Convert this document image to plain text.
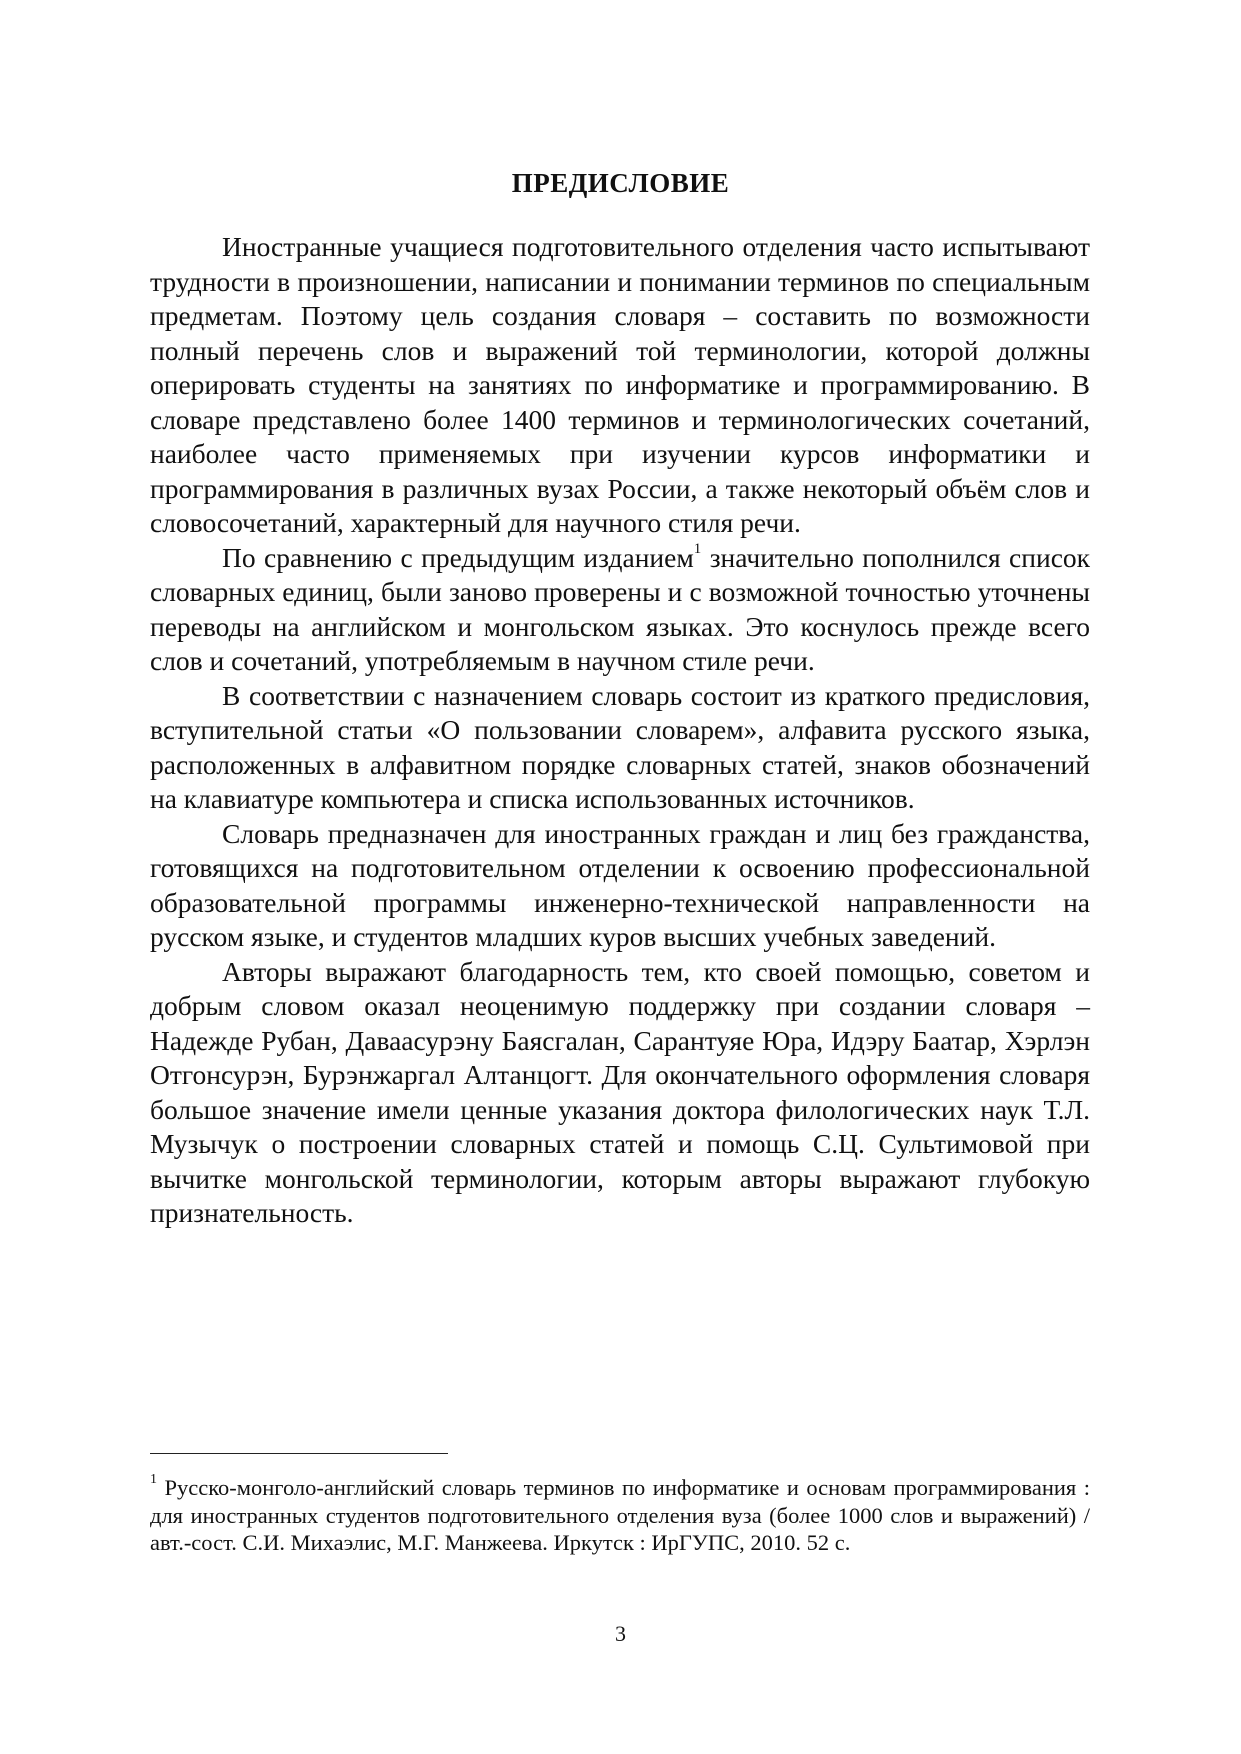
ПРЕДИСЛОВИЕ

Иностранные учащиеся подготовительного отделения часто испытывают трудности в произношении, написании и понимании терминов по специальным предметам. Поэтому цель создания словаря – составить по возможности полный перечень слов и выражений той терминологии, которой должны оперировать студенты на занятиях по информатике и программированию. В словаре представлено более 1400 терминов и терминологических сочетаний, наиболее часто применяемых при изучении курсов информатики и программирования в различных вузах России, а также некоторый объём слов и словосочетаний, характерный для научного стиля речи.

По сравнению с предыдущим изданием$^1$ значительно пополнился список словарных единиц, были заново проверены и с возможной точностью уточнены переводы на английском и монгольском языках. Это коснулось прежде всего слов и сочетаний, употребляемым в научном стиле речи.

В соответствии с назначением словарь состоит из краткого предисловия, вступительной статьи «О пользовании словарем», алфавита русского языка, расположенных в алфавитном порядке словарных статей, знаков обозначений на клавиатуре компьютера и списка использованных источников.

Словарь предназначен для иностранных граждан и лиц без гражданства, готовящихся на подготовительном отделении к освоению профессиональной образовательной программы инженерно-технической направленности на русском языке, и студентов младших куров высших учебных заведений.

Авторы выражают благодарность тем, кто своей помощью, советом и добрым словом оказал неоценимую поддержку при создании словаря – Надежде Рубан, Даваасурэну Баясгалан, Сарантуяе Юра, Идэру Баатар, Хэрлэн Отгонсурэн, Бурэнжаргал Алтанцогт. Для окончательного оформления словаря большое значение имели ценные указания доктора филологических наук Т.Л. Музычук о построении словарных статей и помощь С.Ц. Сультимовой при вычитке монгольской терминологии, которым авторы выражают глубокую признательность.

$^1$ Русско-монголо-английский словарь терминов по информатике и основам программирования : для иностранных студентов подготовительного отделения вуза (более 1000 слов и выражений) / авт.-сост. С.И. Михаэлис, М.Г. Манжеева. Иркутск : ИрГУПС, 2010. 52 с.
3
